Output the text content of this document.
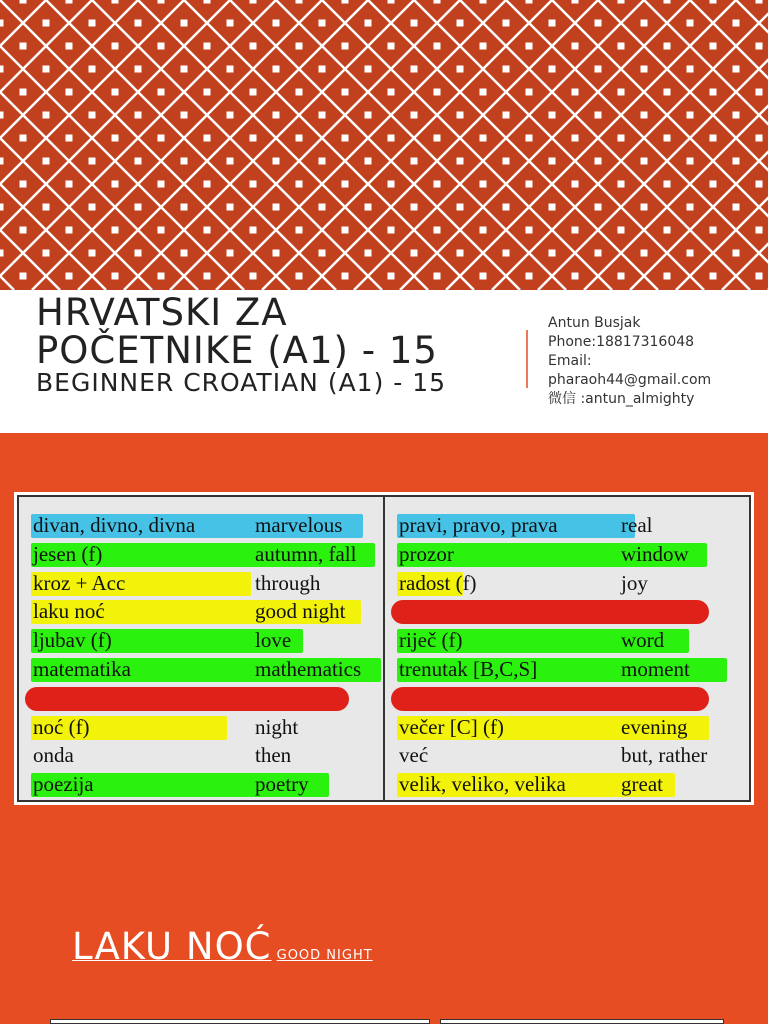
HRVATSKI ZA POČETNIKE (A1) - 15
BEGINNER CROATIAN (A1) - 15
Antun Busjak
Phone:18817316048
Email:
pharaoh44@gmail.com
微信 :antun_almighty
divan, divno, divna	marvelous
jesen (f)	autumn, fall
kroz + Acc	through
laku noć	good night
ljubav (f)	love
matematika	mathematics
noć (f)	night
onda	then
poezija	poetry
pravi, pravo, prava	real
prozor	window
radost (f)	joy
riječ (f)	word
trenutak [B,C,S]	moment
večer [C] (f)	evening
već	but, rather
velik, veliko, velika	great
LAKU NOĆ GOOD NIGHT
